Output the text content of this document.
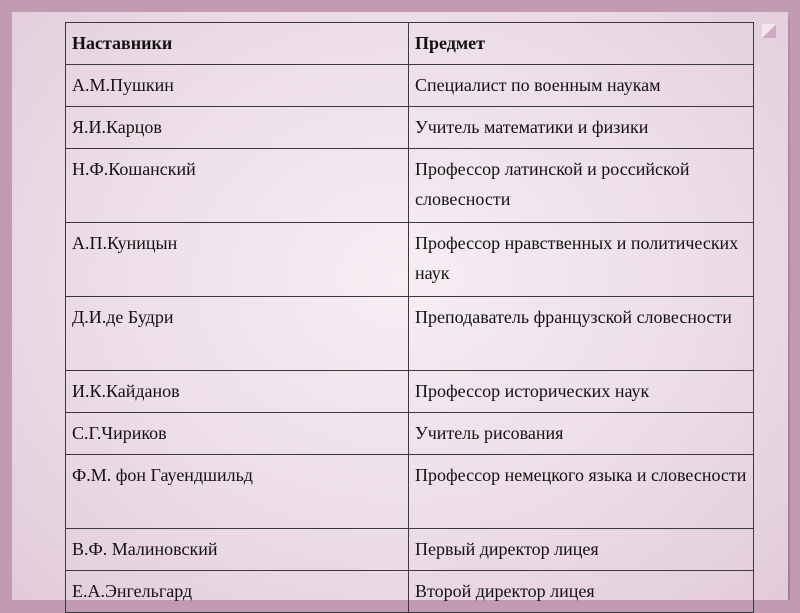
Наставники	Предмет
А.М.Пушкин	Специалист по военным наукам
Я.И.Карцов	Учитель математики и физики
Н.Ф.Кошанский	Профессор латинской и российской словесности
А.П.Куницын	Профессор нравственных и политических наук
Д.И.де Будри	Преподаватель французской словесности
И.К.Кайданов	Профессор исторических наук
С.Г.Чириков	Учитель рисования
Ф.М. фон Гауендшильд	Профессор немецкого языка и словесности
В.Ф. Малиновский	Первый директор лицея
Е.А.Энгельгард	Второй директор лицея
